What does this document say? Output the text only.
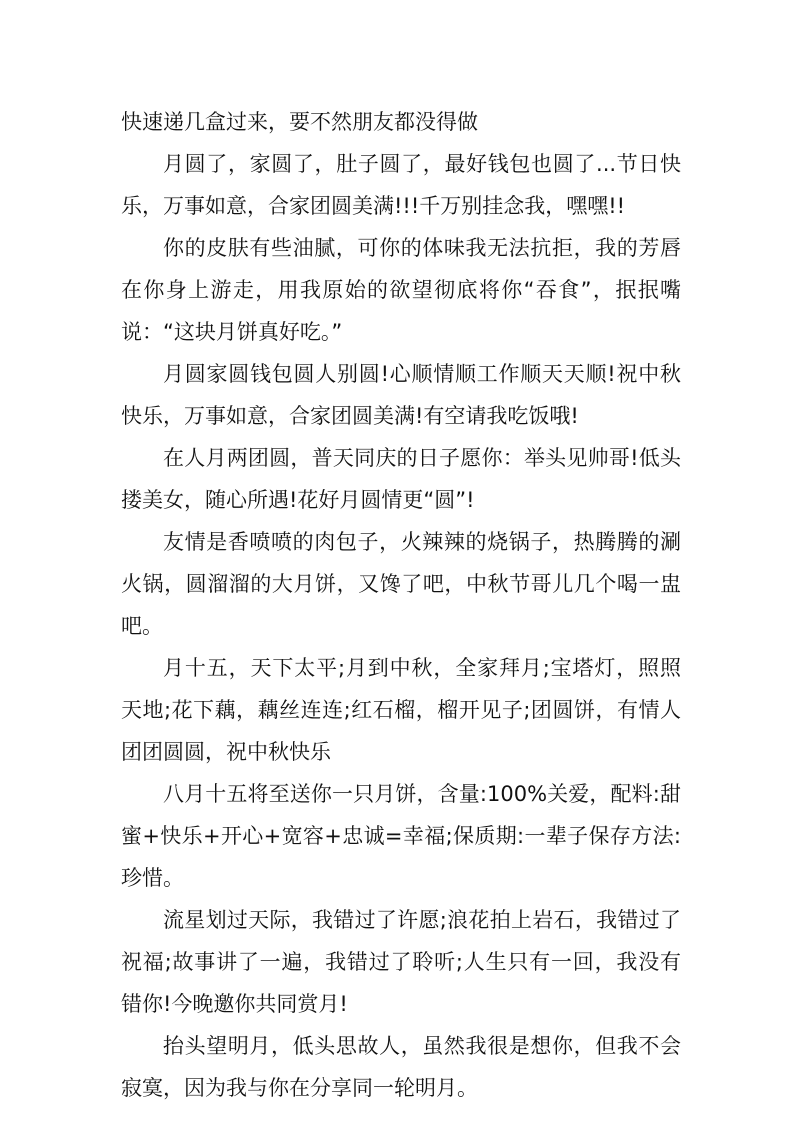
快速递几盒过来，要不然朋友都没得做

月圆了，家圆了，肚子圆了，最好钱包也圆了...节日快乐，万事如意，合家团圆美满!!!千万别挂念我，嘿嘿!!

你的皮肤有些油腻，可你的体味我无法抗拒，我的芳唇在你身上游走，用我原始的欲望彻底将你“吞食”，抿抿嘴说：“这块月饼真好吃。”

月圆家圆钱包圆人别圆!心顺情顺工作顺天天顺!祝中秋快乐，万事如意，合家团圆美满!有空请我吃饭哦!

在人月两团圆，普天同庆的日子愿你：举头见帅哥!低头搂美女，随心所遇!花好月圆情更“圆”!

友情是香喷喷的肉包子，火辣辣的烧锅子，热腾腾的涮火锅，圆溜溜的大月饼，又馋了吧，中秋节哥儿几个喝一盅吧。

月十五，天下太平;月到中秋，全家拜月;宝塔灯，照照天地;花下藕，藕丝连连;红石榴，榴开见子;团圆饼，有情人团团圆圆，祝中秋快乐

八月十五将至送你一只月饼，含量:100%关爱，配料:甜蜜+快乐+开心+宽容+忠诚=幸福;保质期:一辈子保存方法:珍惜。

流星划过天际，我错过了许愿;浪花拍上岩石，我错过了祝福;故事讲了一遍，我错过了聆听;人生只有一回，我没有错你!今晚邀你共同赏月!

抬头望明月，低头思故人，虽然我很是想你，但我不会寂寞，因为我与你在分享同一轮明月。
